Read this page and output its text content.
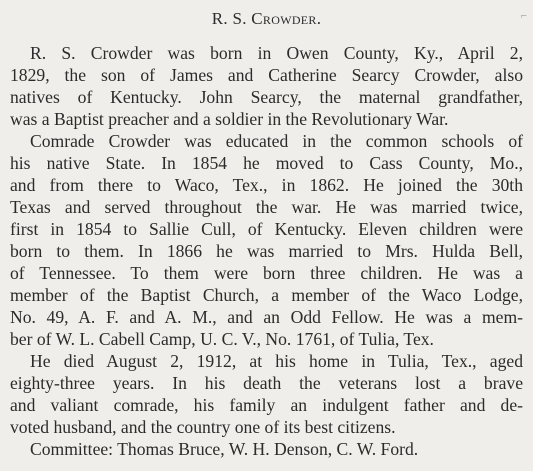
R. S. Crowder.	⌐
R. S. Crowder was born in Owen County, Ky., April 2,
1829, the son of James and Catherine Searcy Crowder, also
natives of Kentucky. John Searcy, the maternal grandfather,
was a Baptist preacher and a soldier in the Revolutionary War.
Comrade Crowder was educated in the common schools of
his native State. In 1854 he moved to Cass County, Mo.,
and from there to Waco, Tex., in 1862. He joined the 30th
Texas and served throughout the war. He was married twice,
first in 1854 to Sallie Cull, of Kentucky. Eleven children were
born to them. In 1866 he was married to Mrs. Hulda Bell,
of Tennessee. To them were born three children. He was a
member of the Baptist Church, a member of the Waco Lodge,
No. 49, A. F. and A. M., and an Odd Fellow. He was a mem-
ber of W. L. Cabell Camp, U. C. V., No. 1761, of Tulia, Tex.
He died August 2, 1912, at his home in Tulia, Tex., aged
eighty-three years. In his death the veterans lost a brave
and valiant comrade, his family an indulgent father and de-
voted husband, and the country one of its best citizens.
Committee: Thomas Bruce, W. H. Denson, C. W. Ford.
